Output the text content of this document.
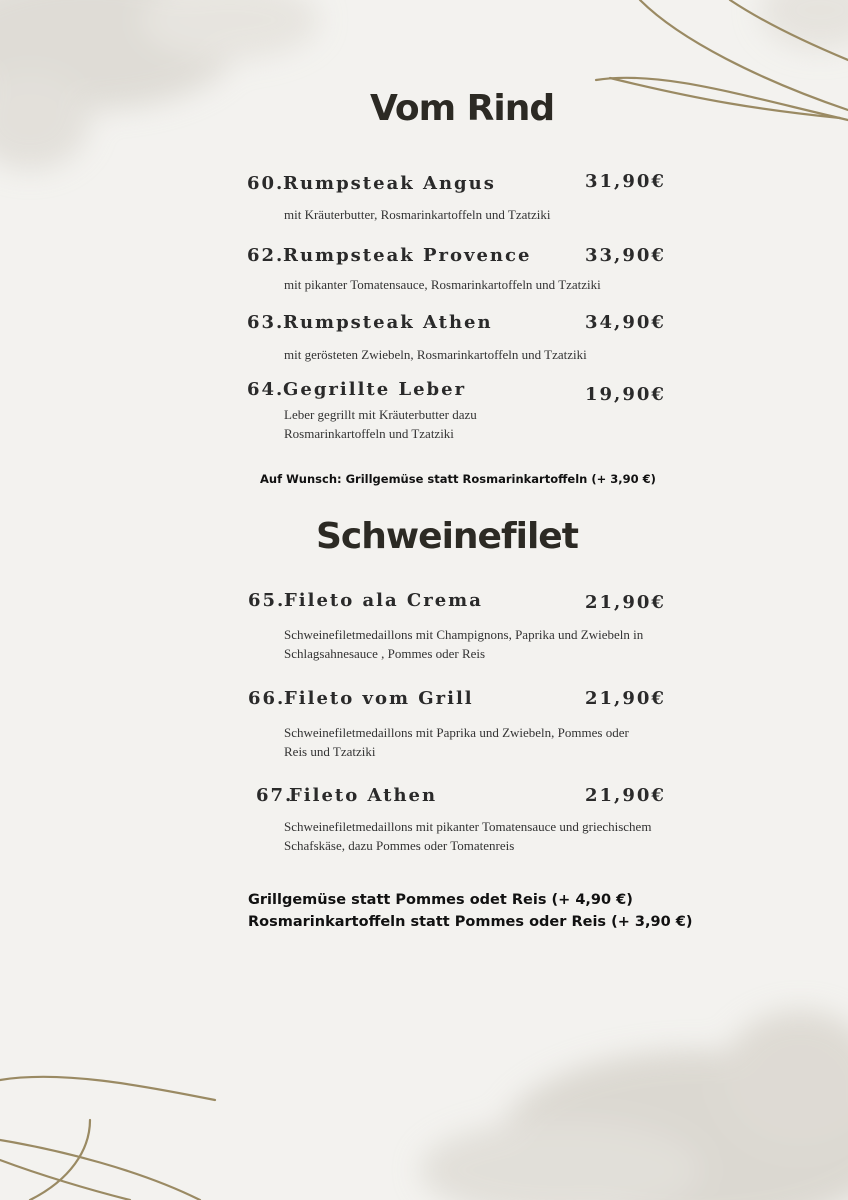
Vom Rind

60.

Rumpsteak Angus	31,90€

mit Kräuterbutter, Rosmarinkartoffeln und Tzatziki

62.

Rumpsteak Provence	33,90€

mit pikanter Tomatensauce, Rosmarinkartoffeln und Tzatziki

63.

Rumpsteak Athen	34,90€

mit gerösteten Zwiebeln, Rosmarinkartoffeln und Tzatziki

64.

Gegrillte Leber	19,90€

Leber gegrillt mit Kräuterbutter dazu
Rosmarinkartoffeln und Tzatziki

Auf Wunsch: Grillgemüse statt Rosmarinkartoffeln (+ 3,90 €)

Schweinefilet

65.

Fileto ala Crema	21,90€

Schweinefiletmedaillons mit Champignons, Paprika und Zwiebeln in
Schlagsahnesauce , Pommes oder Reis

66.

Fileto vom Grill	21,90€

Schweinefiletmedaillons mit Paprika und Zwiebeln, Pommes oder
Reis und Tzatziki

67.

Fileto Athen	21,90€

Schweinefiletmedaillons mit pikanter Tomatensauce und griechischem
Schafskäse, dazu Pommes oder Tomatenreis

Grillgemüse statt Pommes odet Reis (+ 4,90 €)

Rosmarinkartoffeln statt Pommes oder Reis (+ 3,90 €)
